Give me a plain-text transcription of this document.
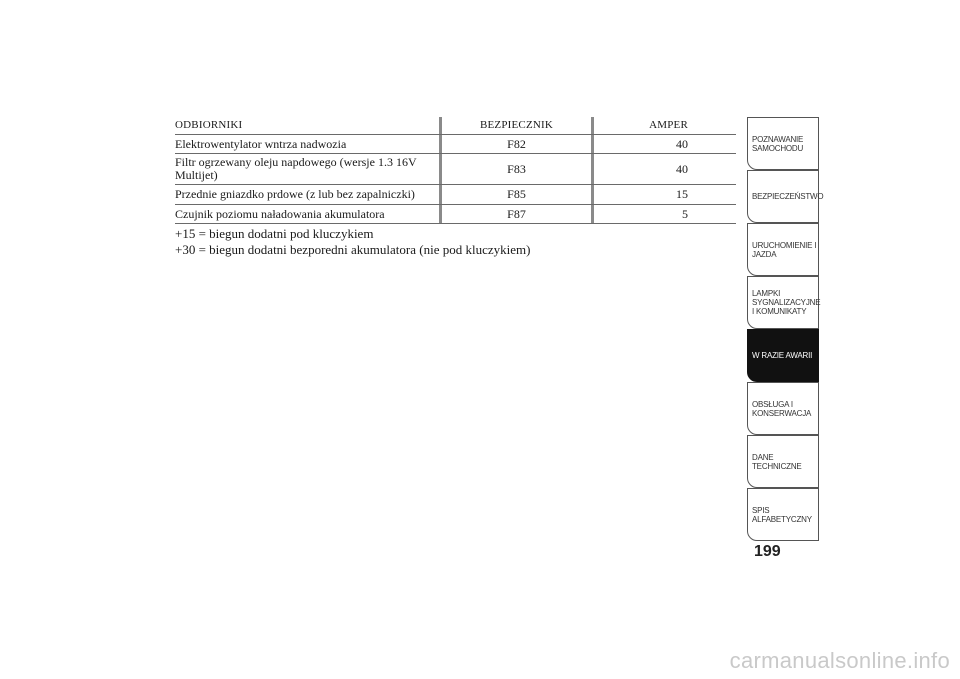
ODBIORNIKI	BEZPIECZNIK	AMPER
Elektrowentylator wntrza nadwozia	F82	40
Filtr ogrzewany oleju napdowego (wersje 1.3 16V Multijet)	F83	40
Przednie gniazdko prdowe (z lub bez zapalniczki)	F85	15
Czujnik poziomu naładowania akumulatora	F87	5
+15 = biegun dodatni pod kluczykiem
+30 = biegun dodatni bezporedni akumulatora (nie pod kluczykiem)
POZNAWANIE SAMOCHODU
BEZPIECZEŃSTWO
URUCHOMIENIE I JAZDA
LAMPKI SYGNALIZACYJNE I KOMUNIKATY
W RAZIE AWARII
OBSŁUGA I KONSERWACJA
DANE TECHNICZNE
SPIS ALFABETYCZNY
199
carmanualsonline.info
